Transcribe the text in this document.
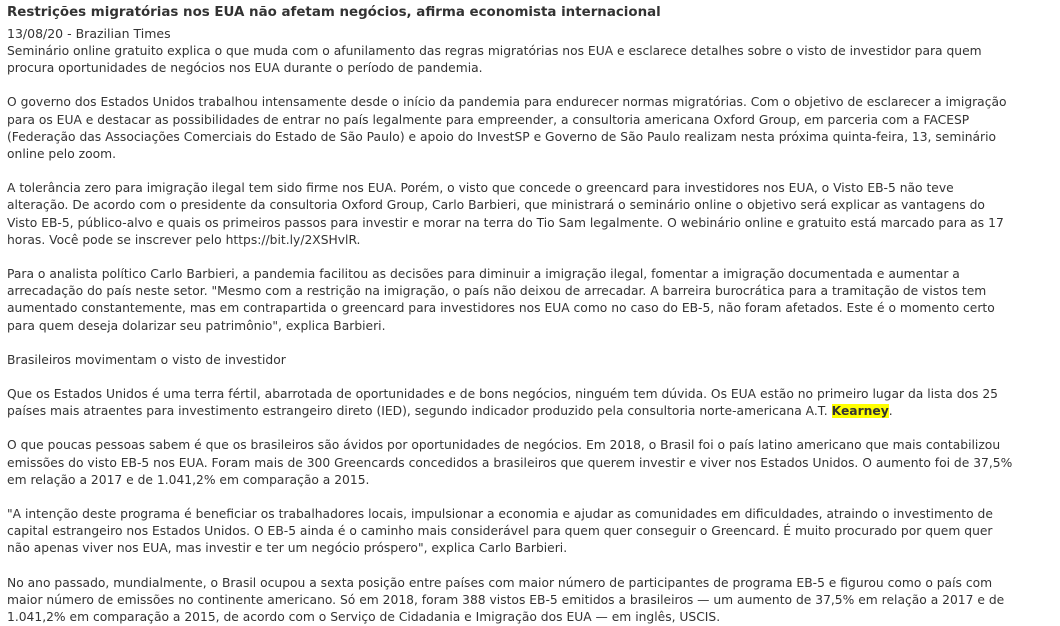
Restrições migratórias nos EUA não afetam negócios, afirma economista internacional
13/08/20 - Brazilian Times

Seminário online gratuito explica o que muda com o afunilamento das regras migratórias nos EUA e esclarece detalhes sobre o visto de investidor para quem procura oportunidades de negócios nos EUA durante o período de pandemia.

O governo dos Estados Unidos trabalhou intensamente desde o início da pandemia para endurecer normas migratórias. Com o objetivo de esclarecer a imigração para os EUA e destacar as possibilidades de entrar no país legalmente para empreender, a consultoria americana Oxford Group, em parceria com a FACESP (Federação das Associações Comerciais do Estado de São Paulo) e apoio do InvestSP e Governo de São Paulo realizam nesta próxima quinta-feira, 13, seminário online pelo zoom.

A tolerância zero para imigração ilegal tem sido firme nos EUA. Porém, o visto que concede o greencard para investidores nos EUA, o Visto EB-5 não teve alteração. De acordo com o presidente da consultoria Oxford Group, Carlo Barbieri, que ministrará o seminário online o objetivo será explicar as vantagens do Visto EB-5, público-alvo e quais os primeiros passos para investir e morar na terra do Tio Sam legalmente. O webinário online e gratuito está marcado para as 17 horas. Você pode se inscrever pelo https://bit.ly/2XSHvlR.

Para o analista político Carlo Barbieri, a pandemia facilitou as decisões para diminuir a imigração ilegal, fomentar a imigração documentada e aumentar a arrecadação do país neste setor. "Mesmo com a restrição na imigração, o país não deixou de arrecadar. A barreira burocrática para a tramitação de vistos tem aumentado constantemente, mas em contrapartida o greencard para investidores nos EUA como no caso do EB-5, não foram afetados. Este é o momento certo para quem deseja dolarizar seu patrimônio", explica Barbieri.

Brasileiros movimentam o visto de investidor

Que os Estados Unidos é uma terra fértil, abarrotada de oportunidades e de bons negócios, ninguém tem dúvida. Os EUA estão no primeiro lugar da lista dos 25 países mais atraentes para investimento estrangeiro direto (IED), segundo indicador produzido pela consultoria norte-americana A.T. Kearney.

O que poucas pessoas sabem é que os brasileiros são ávidos por oportunidades de negócios. Em 2018, o Brasil foi o país latino americano que mais contabilizou emissões do visto EB-5 nos EUA. Foram mais de 300 Greencards concedidos a brasileiros que querem investir e viver nos Estados Unidos. O aumento foi de 37,5% em relação a 2017 e de 1.041,2% em comparação a 2015.

"A intenção deste programa é beneficiar os trabalhadores locais, impulsionar a economia e ajudar as comunidades em dificuldades, atraindo o investimento de capital estrangeiro nos Estados Unidos. O EB-5 ainda é o caminho mais considerável para quem quer conseguir o Greencard. É muito procurado por quem quer não apenas viver nos EUA, mas investir e ter um negócio próspero", explica Carlo Barbieri.

No ano passado, mundialmente, o Brasil ocupou a sexta posição entre países com maior número de participantes de programa EB-5 e figurou como o país com maior número de emissões no continente americano. Só em 2018, foram 388 vistos EB-5 emitidos a brasileiros — um aumento de 37,5% em relação a 2017 e de 1.041,2% em comparação a 2015, de acordo com o Serviço de Cidadania e Imigração dos EUA — em inglês, USCIS.
